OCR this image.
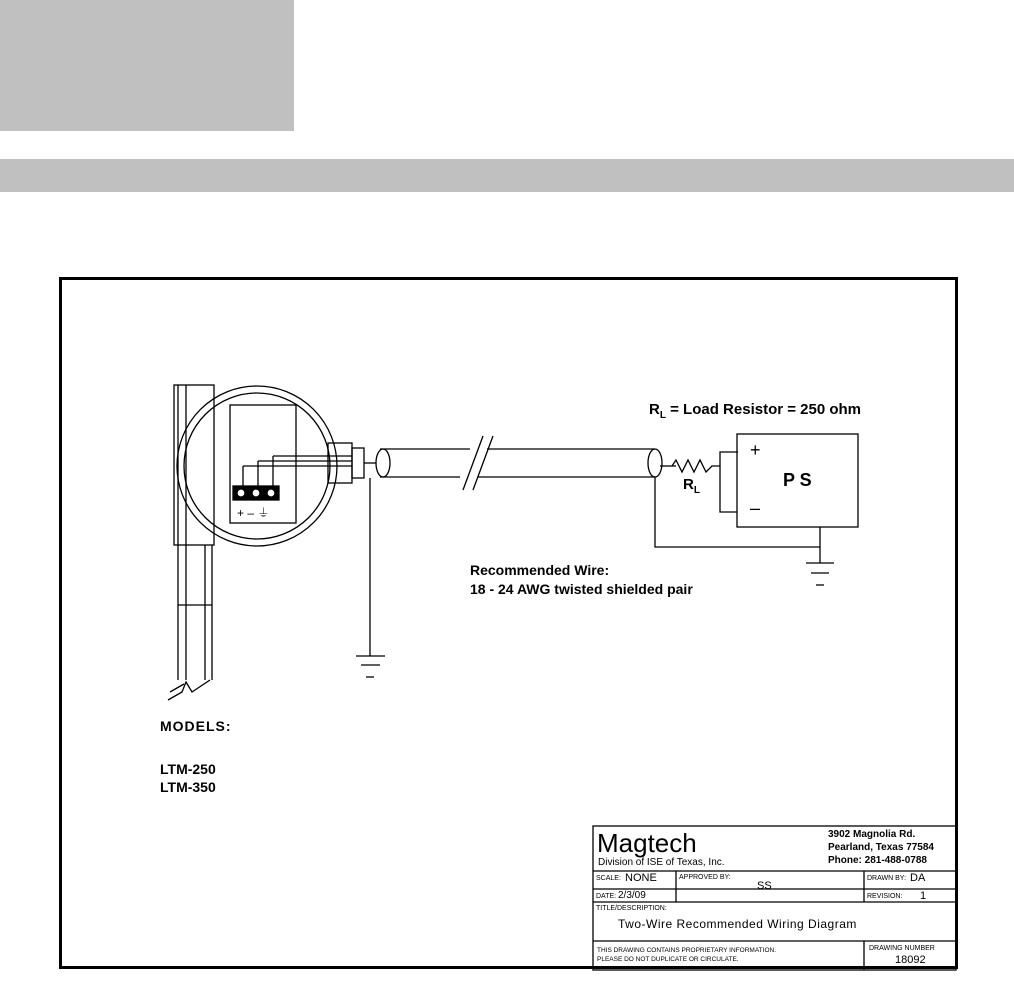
$R_L$ = Load Resistor = 250 ohm
$R_L$
P S
+
–
+ – ⏚
Recommended Wire:
18 - 24 AWG twisted shielded pair
MODELS:
LTM-250
LTM-350
Magtech
Division of ISE of Texas, Inc.
3902 Magnolia Rd.
Pearland, Texas 77584
Phone: 281-488-0788
SCALE: NONE	APPROVED BY:
SS
DRAWN BY: DA
DATE: 2/3/09	REVISION: 1
TITLE/DESCRIPTION:
Two-Wire Recommended Wiring Diagram
THIS DRAWING CONTAINS PROPRIETARY INFORMATION.
PLEASE DO NOT DUPLICATE OR CIRCULATE.
DRAWING NUMBER
18092
